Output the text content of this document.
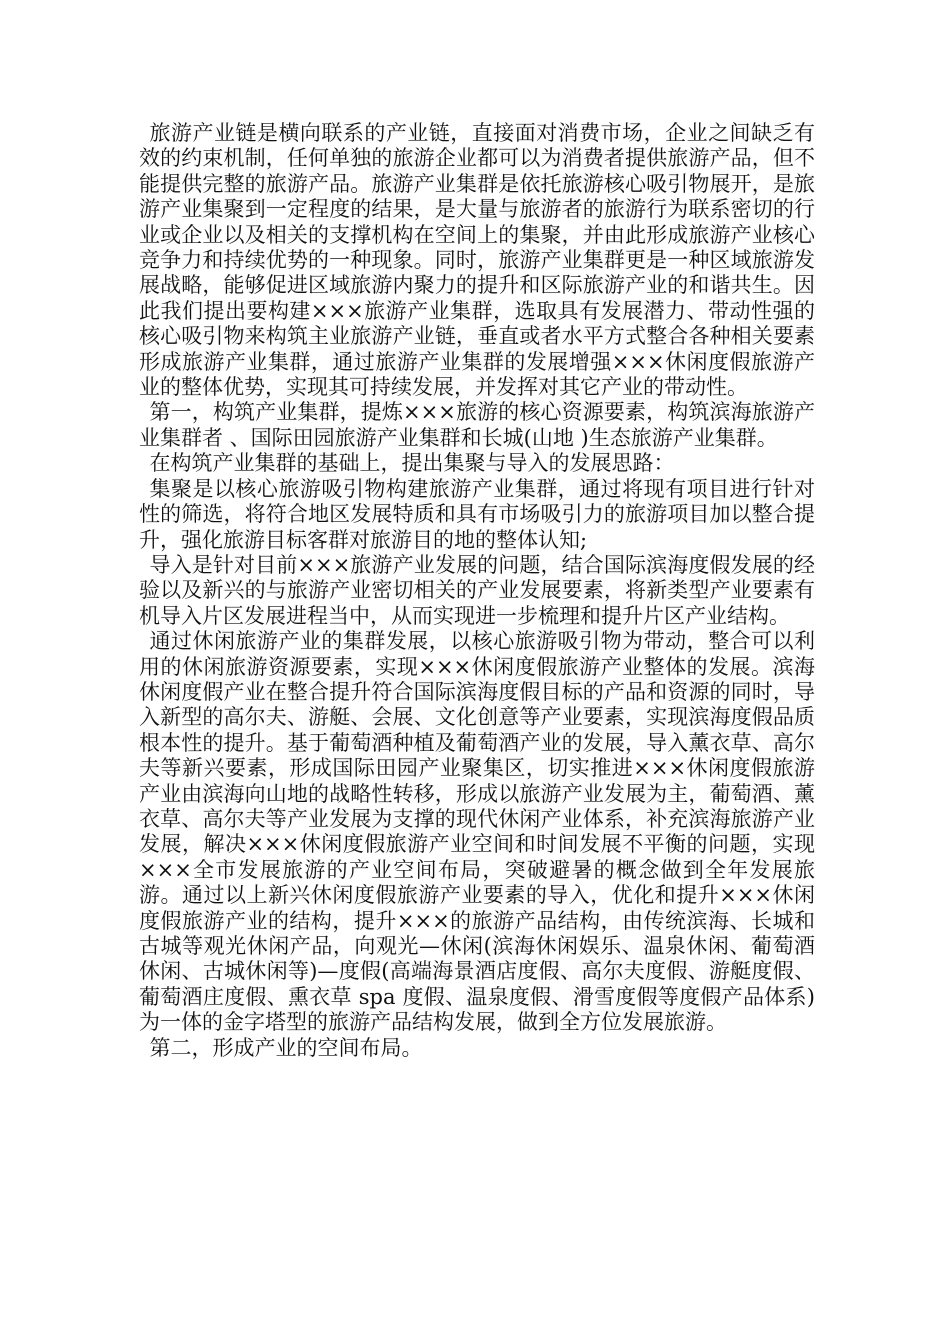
旅游产业链是横向联系的产业链，直接面对消费市场，企业之间缺乏有效的约束机制，任何单独的旅游企业都可以为消费者提供旅游产品，但不能提供完整的旅游产品。旅游产业集群是依托旅游核心吸引物展开，是旅游产业集聚到一定程度的结果，是大量与旅游者的旅游行为联系密切的行业或企业以及相关的支撑机构在空间上的集聚，并由此形成旅游产业核心竞争力和持续优势的一种现象。同时，旅游产业集群更是一种区域旅游发展战略，能够促进区域旅游内聚力的提升和区际旅游产业的和谐共生。因此我们提出要构建×××旅游产业集群，选取具有发展潜力、带动性强的核心吸引物来构筑主业旅游产业链，垂直或者水平方式整合各种相关要素形成旅游产业集群，通过旅游产业集群的发展增强×××休闲度假旅游产业的整体优势，实现其可持续发展，并发挥对其它产业的带动性。

第一，构筑产业集群，提炼×××旅游的核心资源要素，构筑滨海旅游产业集群者 、国际田园旅游产业集群和长城(山地 )生态旅游产业集群。

在构筑产业集群的基础上，提出集聚与导入的发展思路：

集聚是以核心旅游吸引物构建旅游产业集群，通过将现有项目进行针对性的筛选，将符合地区发展特质和具有市场吸引力的旅游项目加以整合提升，强化旅游目标客群对旅游目的地的整体认知;

导入是针对目前×××旅游产业发展的问题，结合国际滨海度假发展的经验以及新兴的与旅游产业密切相关的产业发展要素，将新类型产业要素有机导入片区发展进程当中，从而实现进一步梳理和提升片区产业结构。

通过休闲旅游产业的集群发展，以核心旅游吸引物为带动，整合可以利用的休闲旅游资源要素，实现×××休闲度假旅游产业整体的发展。滨海休闲度假产业在整合提升符合国际滨海度假目标的产品和资源的同时，导入新型的高尔夫、游艇、会展、文化创意等产业要素，实现滨海度假品质根本性的提升。基于葡萄酒种植及葡萄酒产业的发展，导入薰衣草、高尔夫等新兴要素，形成国际田园产业聚集区，切实推进×××休闲度假旅游产业由滨海向山地的战略性转移，形成以旅游产业发展为主，葡萄酒、薰衣草、高尔夫等产业发展为支撑的现代休闲产业体系，补充滨海旅游产业发展，解决×××休闲度假旅游产业空间和时间发展不平衡的问题，实现×××全市发展旅游的产业空间布局，突破避暑的概念做到全年发展旅游。通过以上新兴休闲度假旅游产业要素的导入，优化和提升×××休闲度假旅游产业的结构，提升×××的旅游产品结构，由传统滨海、长城和古城等观光休闲产品，向观光—休闲(滨海休闲娱乐、温泉休闲、葡萄酒休闲、古城休闲等)—度假(高端海景酒店度假、高尔夫度假、游艇度假、葡萄酒庄度假、熏衣草 spa 度假、温泉度假、滑雪度假等度假产品体系)为一体的金字塔型的旅游产品结构发展，做到全方位发展旅游。

第二，形成产业的空间布局。
